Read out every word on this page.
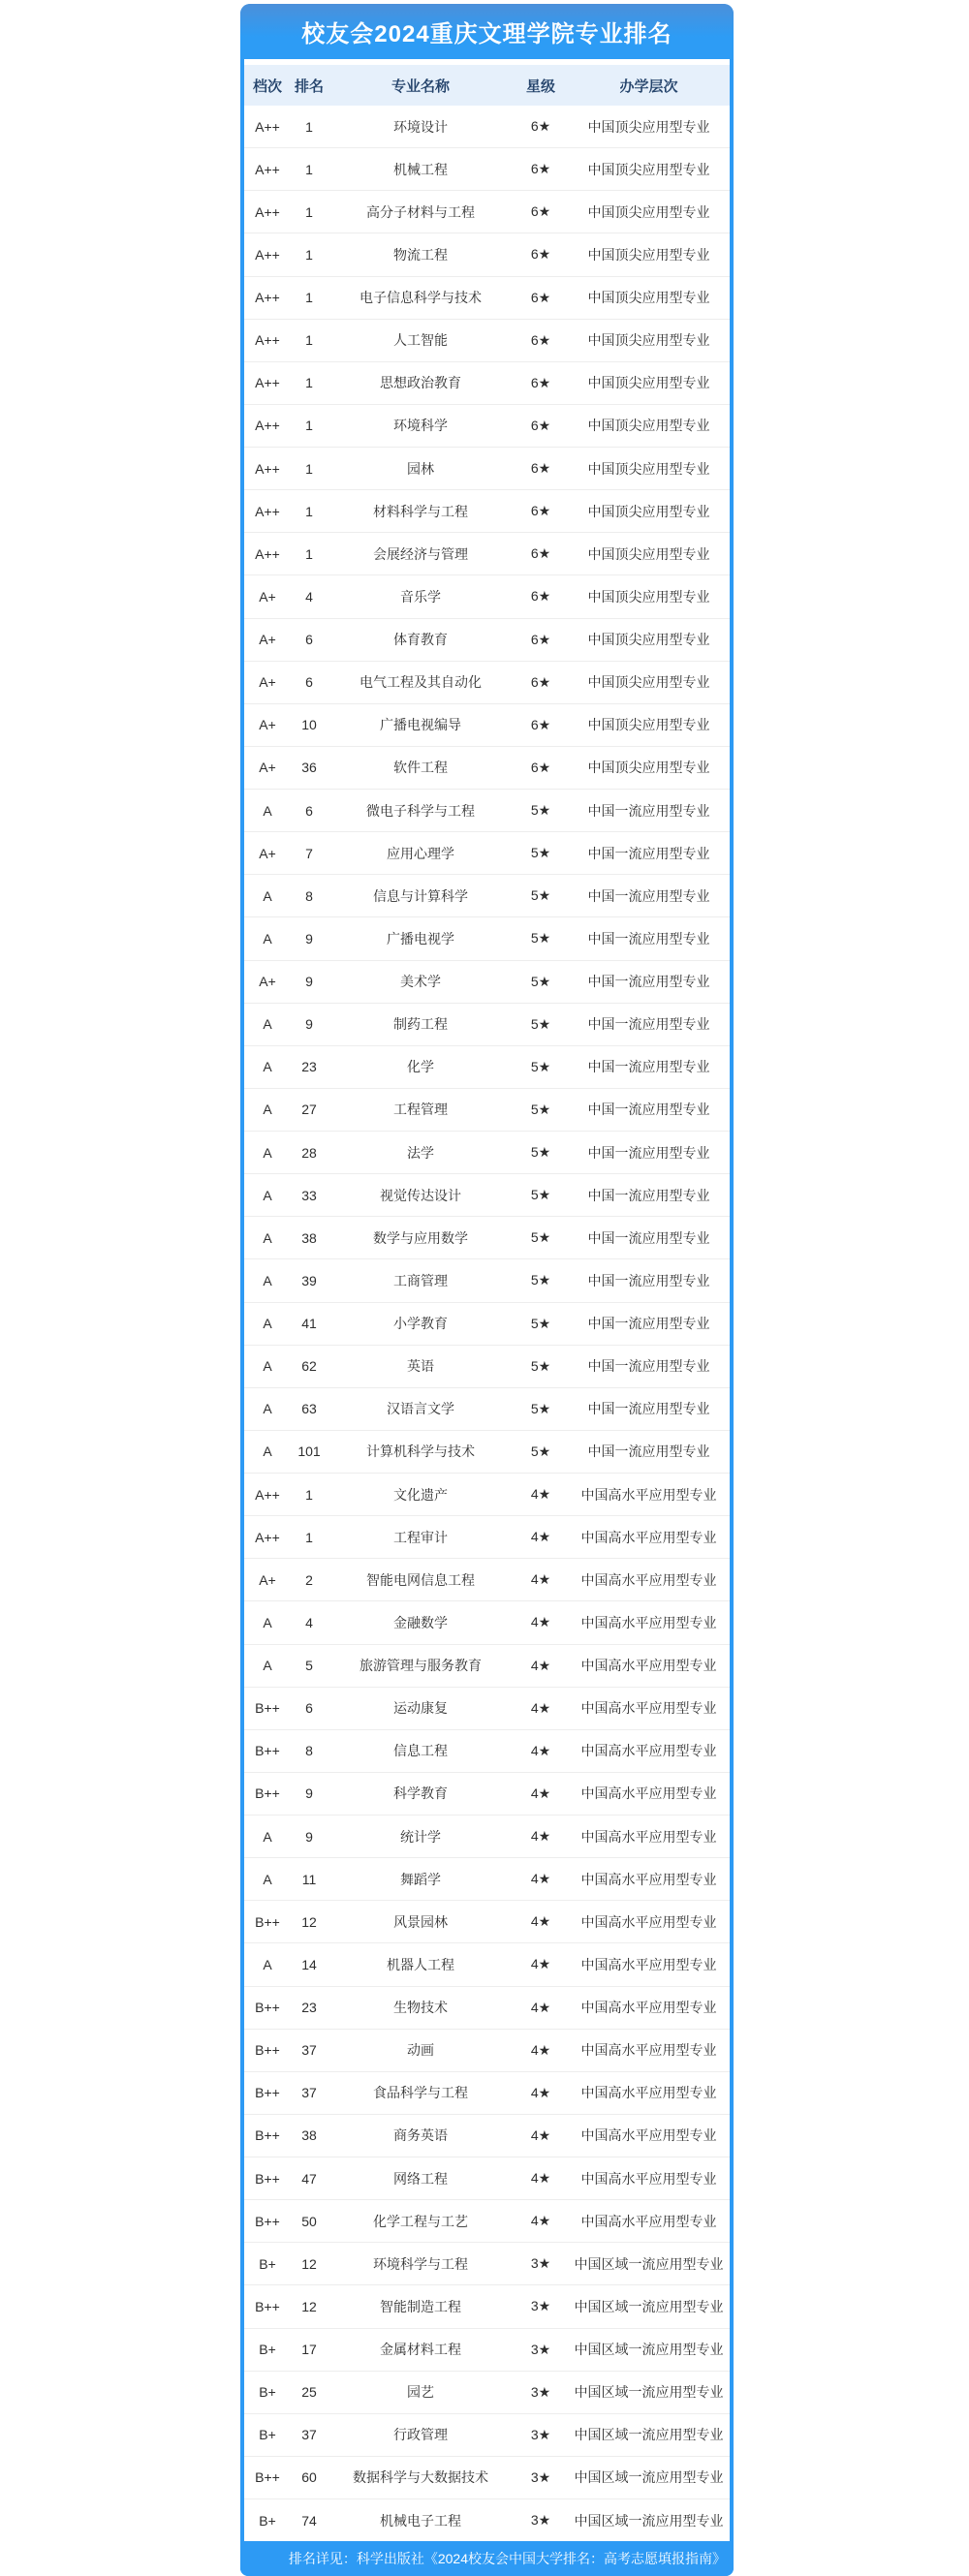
校友会2024重庆文理学院专业排名
档次 排名	专业名称	星级	办学层次
A++	1	环境设计	6★	中国顶尖应用型专业
A++	1	机械工程	6★	中国顶尖应用型专业
A++	1	高分子材料与工程	6★	中国顶尖应用型专业
A++	1	物流工程	6★	中国顶尖应用型专业
A++	1	电子信息科学与技术	6★	中国顶尖应用型专业
A++	1	人工智能	6★	中国顶尖应用型专业
A++	1	思想政治教育	6★	中国顶尖应用型专业
A++	1	环境科学	6★	中国顶尖应用型专业
A++	1	园林	6★	中国顶尖应用型专业
A++	1	材料科学与工程	6★	中国顶尖应用型专业
A++	1	会展经济与管理	6★	中国顶尖应用型专业
A+	4	音乐学	6★	中国顶尖应用型专业
A+	6	体育教育	6★	中国顶尖应用型专业
A+	6	电气工程及其自动化	6★	中国顶尖应用型专业
A+	10	广播电视编导	6★	中国顶尖应用型专业
A+	36	软件工程	6★	中国顶尖应用型专业
A	6	微电子科学与工程	5★	中国一流应用型专业
A+	7	应用心理学	5★	中国一流应用型专业
A	8	信息与计算科学	5★	中国一流应用型专业
A	9	广播电视学	5★	中国一流应用型专业
A+	9	美术学	5★	中国一流应用型专业
A	9	制药工程	5★	中国一流应用型专业
A	23	化学	5★	中国一流应用型专业
A	27	工程管理	5★	中国一流应用型专业
A	28	法学	5★	中国一流应用型专业
A	33	视觉传达设计	5★	中国一流应用型专业
A	38	数学与应用数学	5★	中国一流应用型专业
A	39	工商管理	5★	中国一流应用型专业
A	41	小学教育	5★	中国一流应用型专业
A	62	英语	5★	中国一流应用型专业
A	63	汉语言文学	5★	中国一流应用型专业
A	101	计算机科学与技术	5★	中国一流应用型专业
A++	1	文化遗产	4★	中国高水平应用型专业
A++	1	工程审计	4★	中国高水平应用型专业
A+	2	智能电网信息工程	4★	中国高水平应用型专业
A	4	金融数学	4★	中国高水平应用型专业
A	5	旅游管理与服务教育	4★	中国高水平应用型专业
B++	6	运动康复	4★	中国高水平应用型专业
B++	8	信息工程	4★	中国高水平应用型专业
B++	9	科学教育	4★	中国高水平应用型专业
A	9	统计学	4★	中国高水平应用型专业
A	11	舞蹈学	4★	中国高水平应用型专业
B++	12	风景园林	4★	中国高水平应用型专业
A	14	机器人工程	4★	中国高水平应用型专业
B++	23	生物技术	4★	中国高水平应用型专业
B++	37	动画	4★	中国高水平应用型专业
B++	37	食品科学与工程	4★	中国高水平应用型专业
B++	38	商务英语	4★	中国高水平应用型专业
B++	47	网络工程	4★	中国高水平应用型专业
B++	50	化学工程与工艺	4★	中国高水平应用型专业
B+	12	环境科学与工程	3★	中国区域一流应用型专业
B++	12	智能制造工程	3★	中国区域一流应用型专业
B+	17	金属材料工程	3★	中国区域一流应用型专业
B+	25	园艺	3★	中国区域一流应用型专业
B+	37	行政管理	3★	中国区域一流应用型专业
B++	60	数据科学与大数据技术	3★	中国区域一流应用型专业
B+	74	机械电子工程	3★	中国区域一流应用型专业
排名详见：科学出版社《2024校友会中国大学排名：高考志愿填报指南》
